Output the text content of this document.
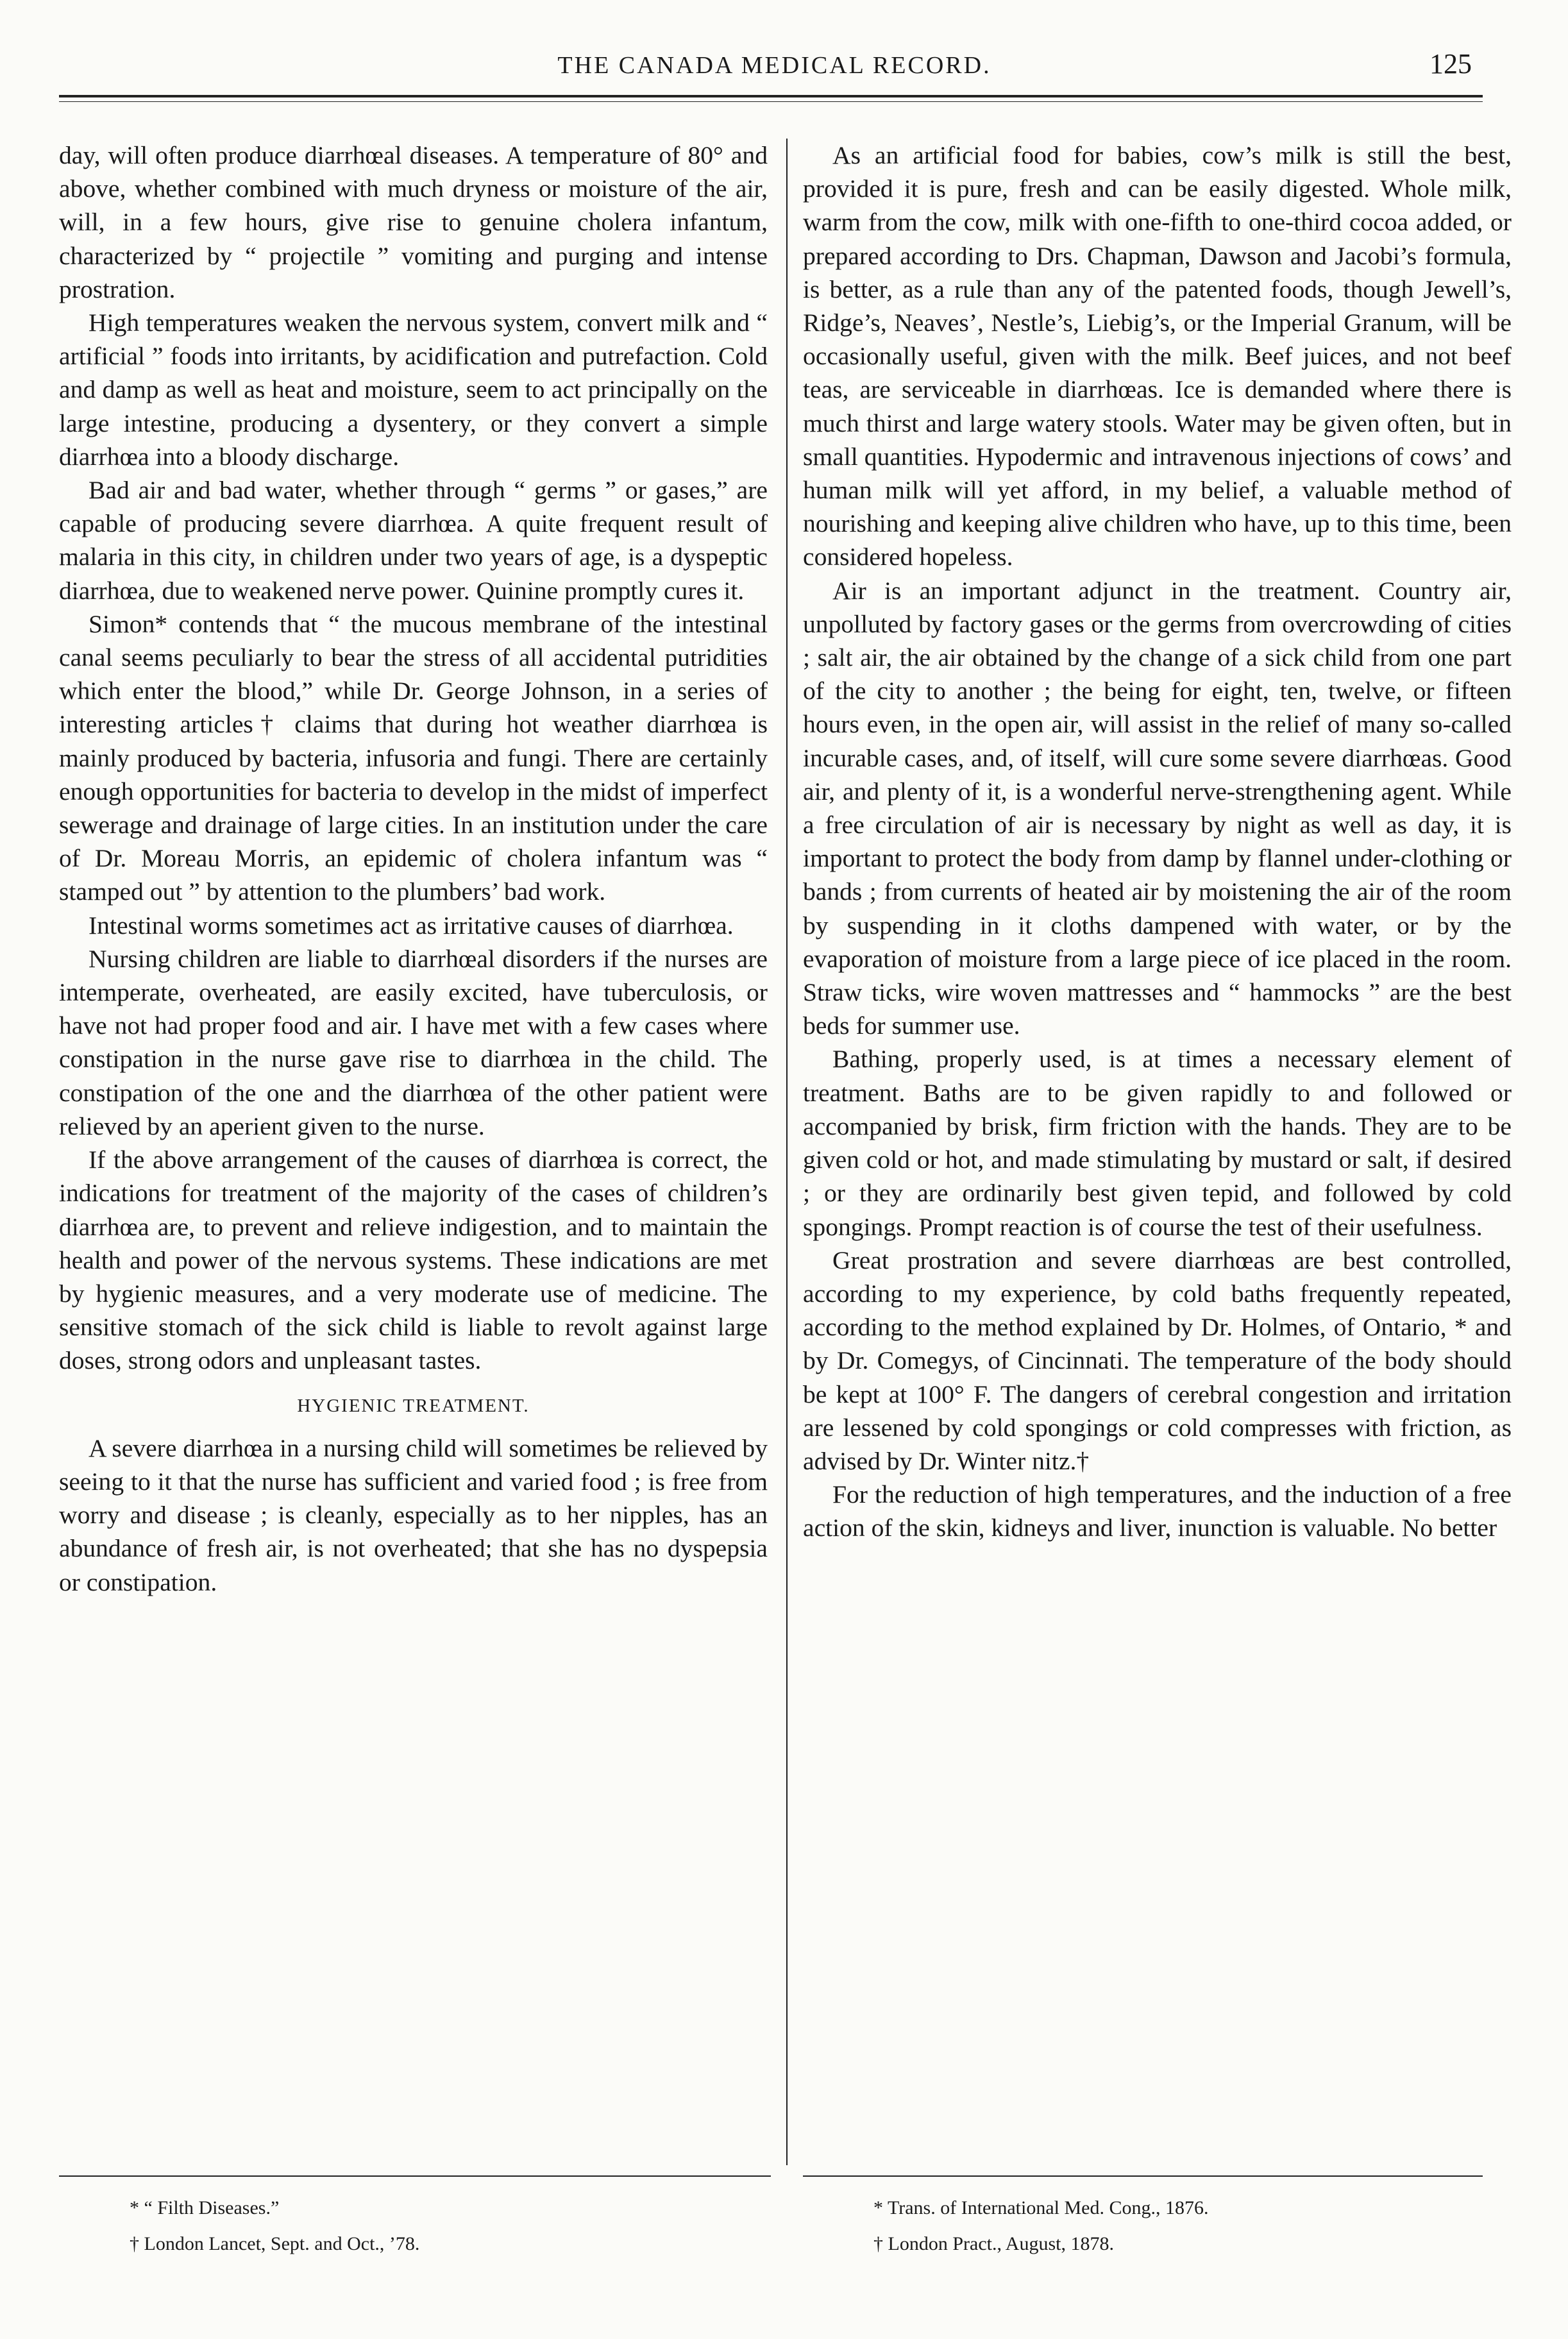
THE CANADA MEDICAL RECORD.	125

day, will often produce diarrhœal diseases. A temperature of 80° and above, whether combined with much dryness or moisture of the air, will, in a few hours, give rise to genuine cholera infantum, characterized by “ projectile ” vomiting and purging and intense prostration.

High temperatures weaken the nervous system, convert milk and “ artificial ” foods into irritants, by acidification and putrefaction. Cold and damp as well as heat and moisture, seem to act principally on the large intestine, producing a dysentery, or they convert a simple diarrhœa into a bloody discharge.

Bad air and bad water, whether through “ germs ” or gases,” are capable of producing severe diarrhœa. A quite frequent result of malaria in this city, in children under two years of age, is a dyspeptic diarrhœa, due to weakened nerve power. Quinine promptly cures it.

Simon* contends that “ the mucous membrane of the intestinal canal seems peculiarly to bear the stress of all accidental putridities which enter the blood,” while Dr. George Johnson, in a series of interesting articles† claims that during hot weather diarrhœa is mainly produced by bacteria, infusoria and fungi. There are certainly enough opportunities for bacteria to develop in the midst of imperfect sewerage and drainage of large cities. In an institution under the care of Dr. Moreau Morris, an epidemic of cholera infantum was “ stamped out ” by attention to the plumbers’ bad work.

Intestinal worms sometimes act as irritative causes of diarrhœa.

Nursing children are liable to diarrhœal disorders if the nurses are intemperate, overheated, are easily excited, have tuberculosis, or have not had proper food and air. I have met with a few cases where constipation in the nurse gave rise to diarrhœa in the child. The constipation of the one and the diarrhœa of the other patient were relieved by an aperient given to the nurse.

If the above arrangement of the causes of diarrhœa is correct, the indications for treatment of the majority of the cases of children’s diarrhœa are, to prevent and relieve indigestion, and to maintain the health and power of the nervous systems. These indications are met by hygienic measures, and a very moderate use of medicine. The sensitive stomach of the sick child is liable to revolt against large doses, strong odors and unpleasant tastes.

HYGIENIC TREATMENT.

A severe diarrhœa in a nursing child will sometimes be relieved by seeing to it that the nurse has sufficient and varied food ; is free from worry and disease ; is cleanly, especially as to her nipples, has an abundance of fresh air, is not overheated; that she has no dyspepsia or constipation.

As an artificial food for babies, cow’s milk is still the best, provided it is pure, fresh and can be easily digested. Whole milk, warm from the cow, milk with one-fifth to one-third cocoa added, or prepared according to Drs. Chapman, Dawson and Jacobi’s formula, is better, as a rule than any of the patented foods, though Jewell’s, Ridge’s, Neaves’, Nestle’s, Liebig’s, or the Imperial Granum, will be occasionally useful, given with the milk. Beef juices, and not beef teas, are serviceable in diarrhœas. Ice is demanded where there is much thirst and large watery stools. Water may be given often, but in small quantities. Hypodermic and intravenous injections of cows’ and human milk will yet afford, in my belief, a valuable method of nourishing and keeping alive children who have, up to this time, been considered hopeless.

Air is an important adjunct in the treatment. Country air, unpolluted by factory gases or the germs from overcrowding of cities ; salt air, the air obtained by the change of a sick child from one part of the city to another ; the being for eight, ten, twelve, or fifteen hours even, in the open air, will assist in the relief of many so-called incurable cases, and, of itself, will cure some severe diarrhœas. Good air, and plenty of it, is a wonderful nerve-strengthening agent. While a free circulation of air is necessary by night as well as day, it is important to protect the body from damp by flannel under-clothing or bands ; from currents of heated air by moistening the air of the room by suspending in it cloths dampened with water, or by the evaporation of moisture from a large piece of ice placed in the room. Straw ticks, wire woven mattresses and “ hammocks ” are the best beds for summer use.

Bathing, properly used, is at times a necessary element of treatment. Baths are to be given rapidly to and followed or accompanied by brisk, firm friction with the hands. They are to be given cold or hot, and made stimulating by mustard or salt, if desired ; or they are ordinarily best given tepid, and followed by cold spongings. Prompt reaction is of course the test of their usefulness.

Great prostration and severe diarrhœas are best controlled, according to my experience, by cold baths frequently repeated, according to the method explained by Dr. Holmes, of Ontario, * and by Dr. Comegys, of Cincinnati. The temperature of the body should be kept at 100° F. The dangers of cerebral congestion and irritation are lessened by cold spongings or cold compresses with friction, as advised by Dr. Winter nitz.†

For the reduction of high temperatures, and the induction of a free action of the skin, kidneys and liver, inunction is valuable. No better

* “ Filth Diseases.”

† London Lancet, Sept. and Oct., ’78.

* Trans. of International Med. Cong., 1876.

† London Pract., August, 1878.
